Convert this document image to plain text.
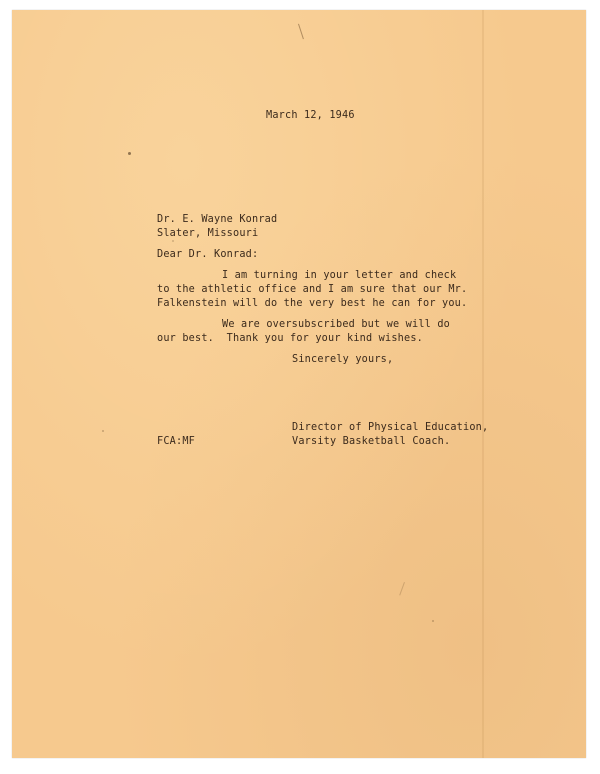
March 12, 1946
Dr. E. Wayne Konrad
Slater, Missouri
Dear Dr. Konrad:
I am turning in your letter and check
to the athletic office and I am sure that our Mr.
Falkenstein will do the very best he can for you.
We are oversubscribed but we will do
our best.  Thank you for your kind wishes.
Sincerely yours,
Director of Physical Education,
Varsity Basketball Coach.
FCA:MF
